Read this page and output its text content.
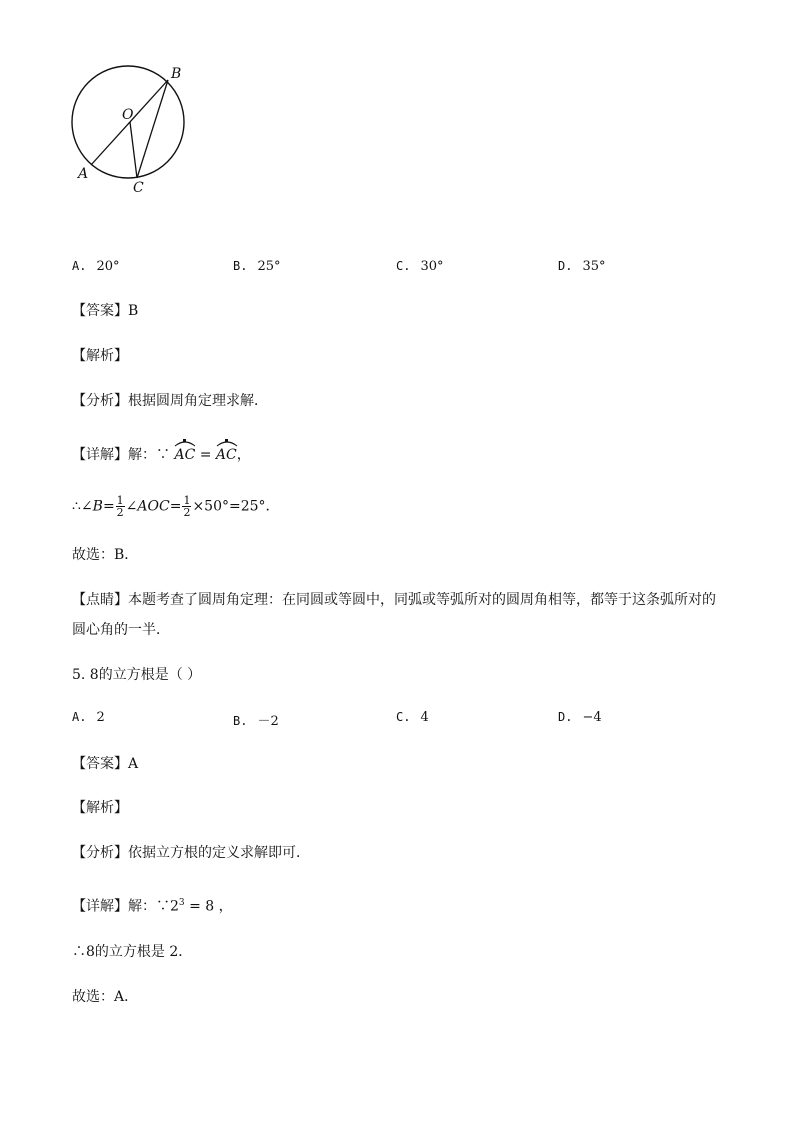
B
O
A
C
A. 20°	B. 25°	C. 30°	D. 35°
【答案】B
【解析】
【分析】根据圆周角定理求解．
【详解】解：∵ AC = AC，
∴∠B= $\frac{1}{2}$ ∠AOC= $\frac{1}{2} \times 50^\circ=25^\circ$．
故选：B．
【点睛】本题考查了圆周角定理：在同圆或等圆中，同弧或等弧所对的圆周角相等，都等于这条弧所对的
圆心角的一半．
5. 8的立方根是（ ）
A. 2	B. －2	C. 4	D. −4
【答案】A
【解析】
【分析】依据立方根的定义求解即可．
【详解】解：$\because 2^3 = 8$ ，
∴8的立方根是 2．
故选：A．
